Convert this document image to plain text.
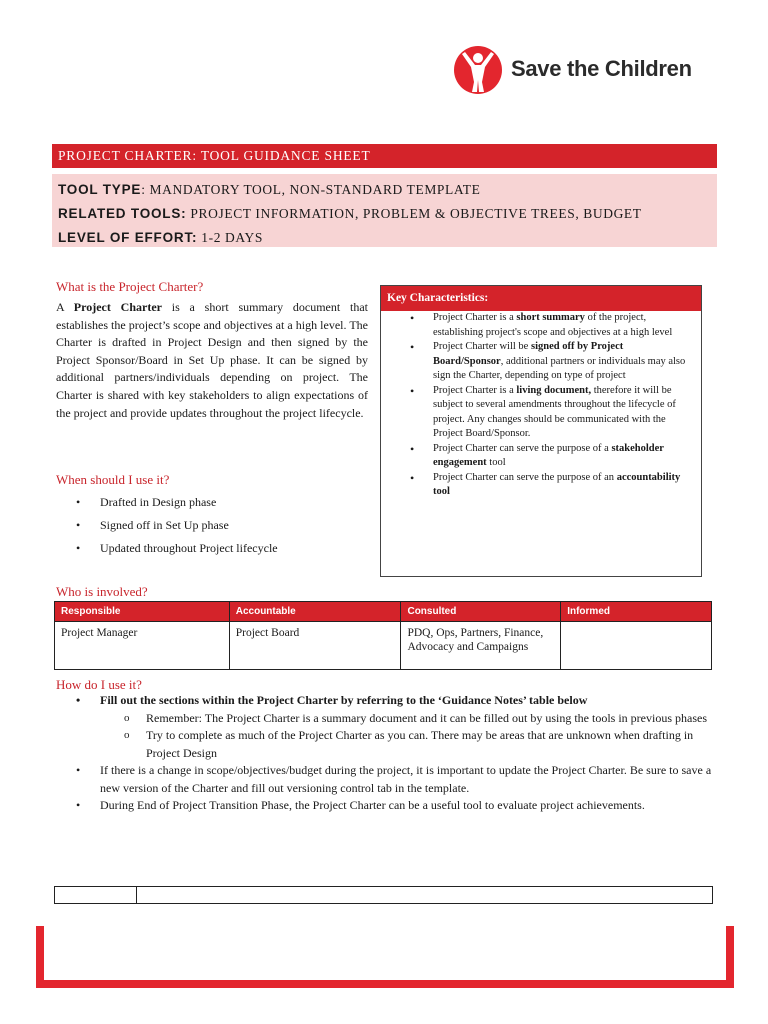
Save the Children
PROJECT CHARTER: TOOL GUIDANCE SHEET
TOOL TYPE: MANDATORY TOOL, NON-STANDARD TEMPLATE
RELATED TOOLS: PROJECT INFORMATION, PROBLEM & OBJECTIVE TREES, BUDGET
LEVEL OF EFFORT: 1-2 DAYS
What is the Project Charter?
A Project Charter is a short summary document that establishes the project’s scope and objectives at a high level. The Charter is drafted in Project Design and then signed by the Project Sponsor/Board in Set Up phase. It can be signed by additional partners/individuals depending on project. The Charter is shared with key stakeholders to align expectations of the project and provide updates throughout the project lifecycle.
When should I use it?
• Drafted in Design phase
• Signed off in Set Up phase
• Updated throughout Project lifecycle
Key Characteristics:
• Project Charter is a short summary of the project, establishing project's scope and objectives at a high level
• Project Charter will be signed off by Project Board/Sponsor, additional partners or individuals may also sign the Charter, depending on type of project
• Project Charter is a living document, therefore it will be subject to several amendments throughout the lifecycle of project. Any changes should be communicated with the Project Board/Sponsor.
• Project Charter can serve the purpose of a stakeholder engagement tool
• Project Charter can serve the purpose of an accountability tool
Who is involved?
Responsible	Accountable	Consulted	Informed
Project Manager	Project Board	PDQ, Ops, Partners, Finance, Advocacy and Campaigns	
How do I use it?
• Fill out the sections within the Project Charter by referring to the ‘Guidance Notes’ table below
o Remember: The Project Charter is a summary document and it can be filled out by using the tools in previous phases
o Try to complete as much of the Project Charter as you can. There may be areas that are unknown when drafting in Project Design
• If there is a change in scope/objectives/budget during the project, it is important to update the Project Charter. Be sure to save a new version of the Charter and fill out versioning control tab in the template.
• During End of Project Transition Phase, the Project Charter can be a useful tool to evaluate project achievements.
